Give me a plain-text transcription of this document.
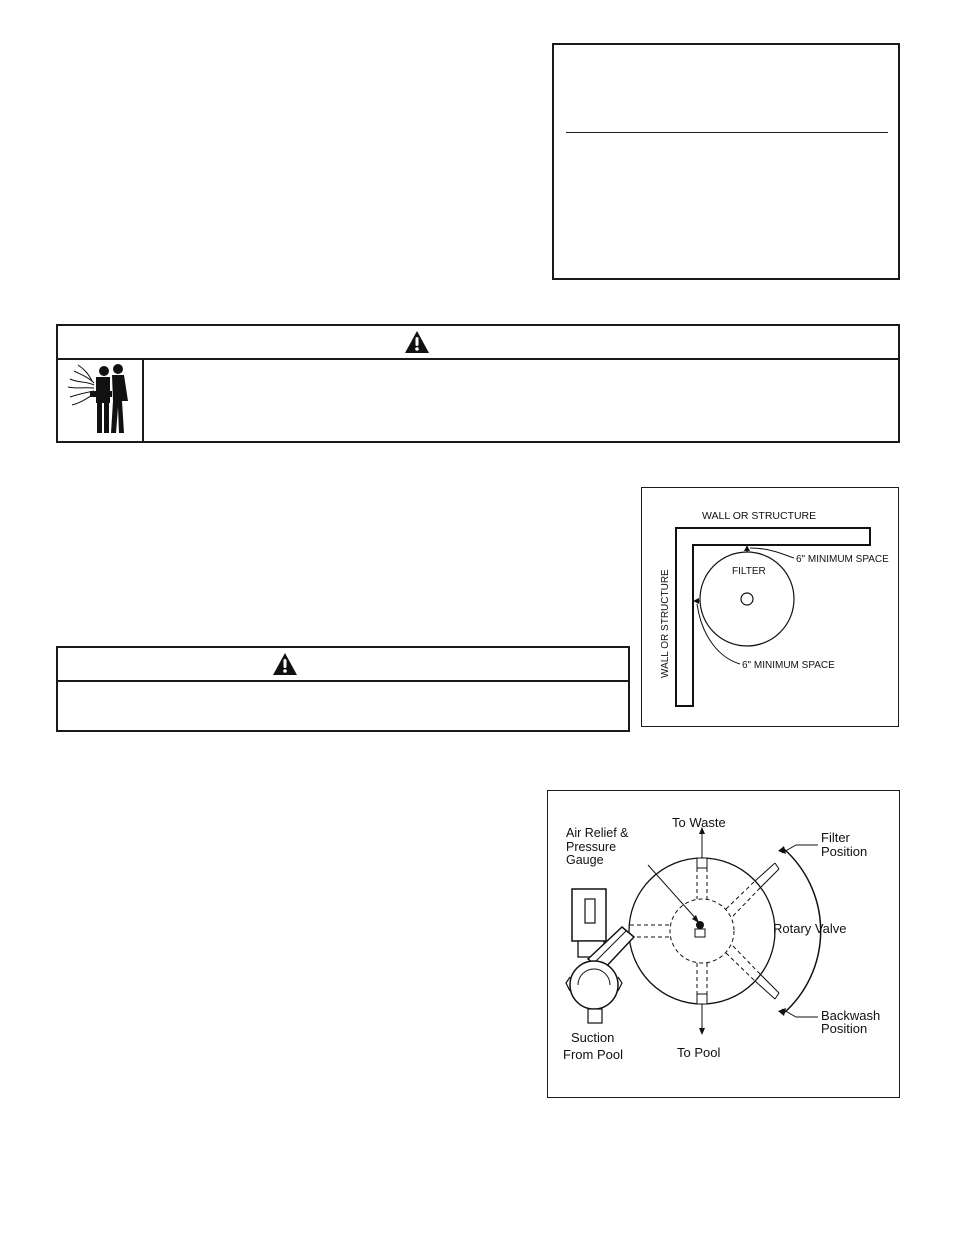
WALL OR STRUCTURE
WALL OR STRUCTURE	FILTER
6" MINIMUM SPACE
6" MINIMUM SPACE
To Waste
Air Relief &
Pressure
Gauge
Filter
Position
Rotary Valve
Backwash
Position
Suction
From Pool	To Pool
